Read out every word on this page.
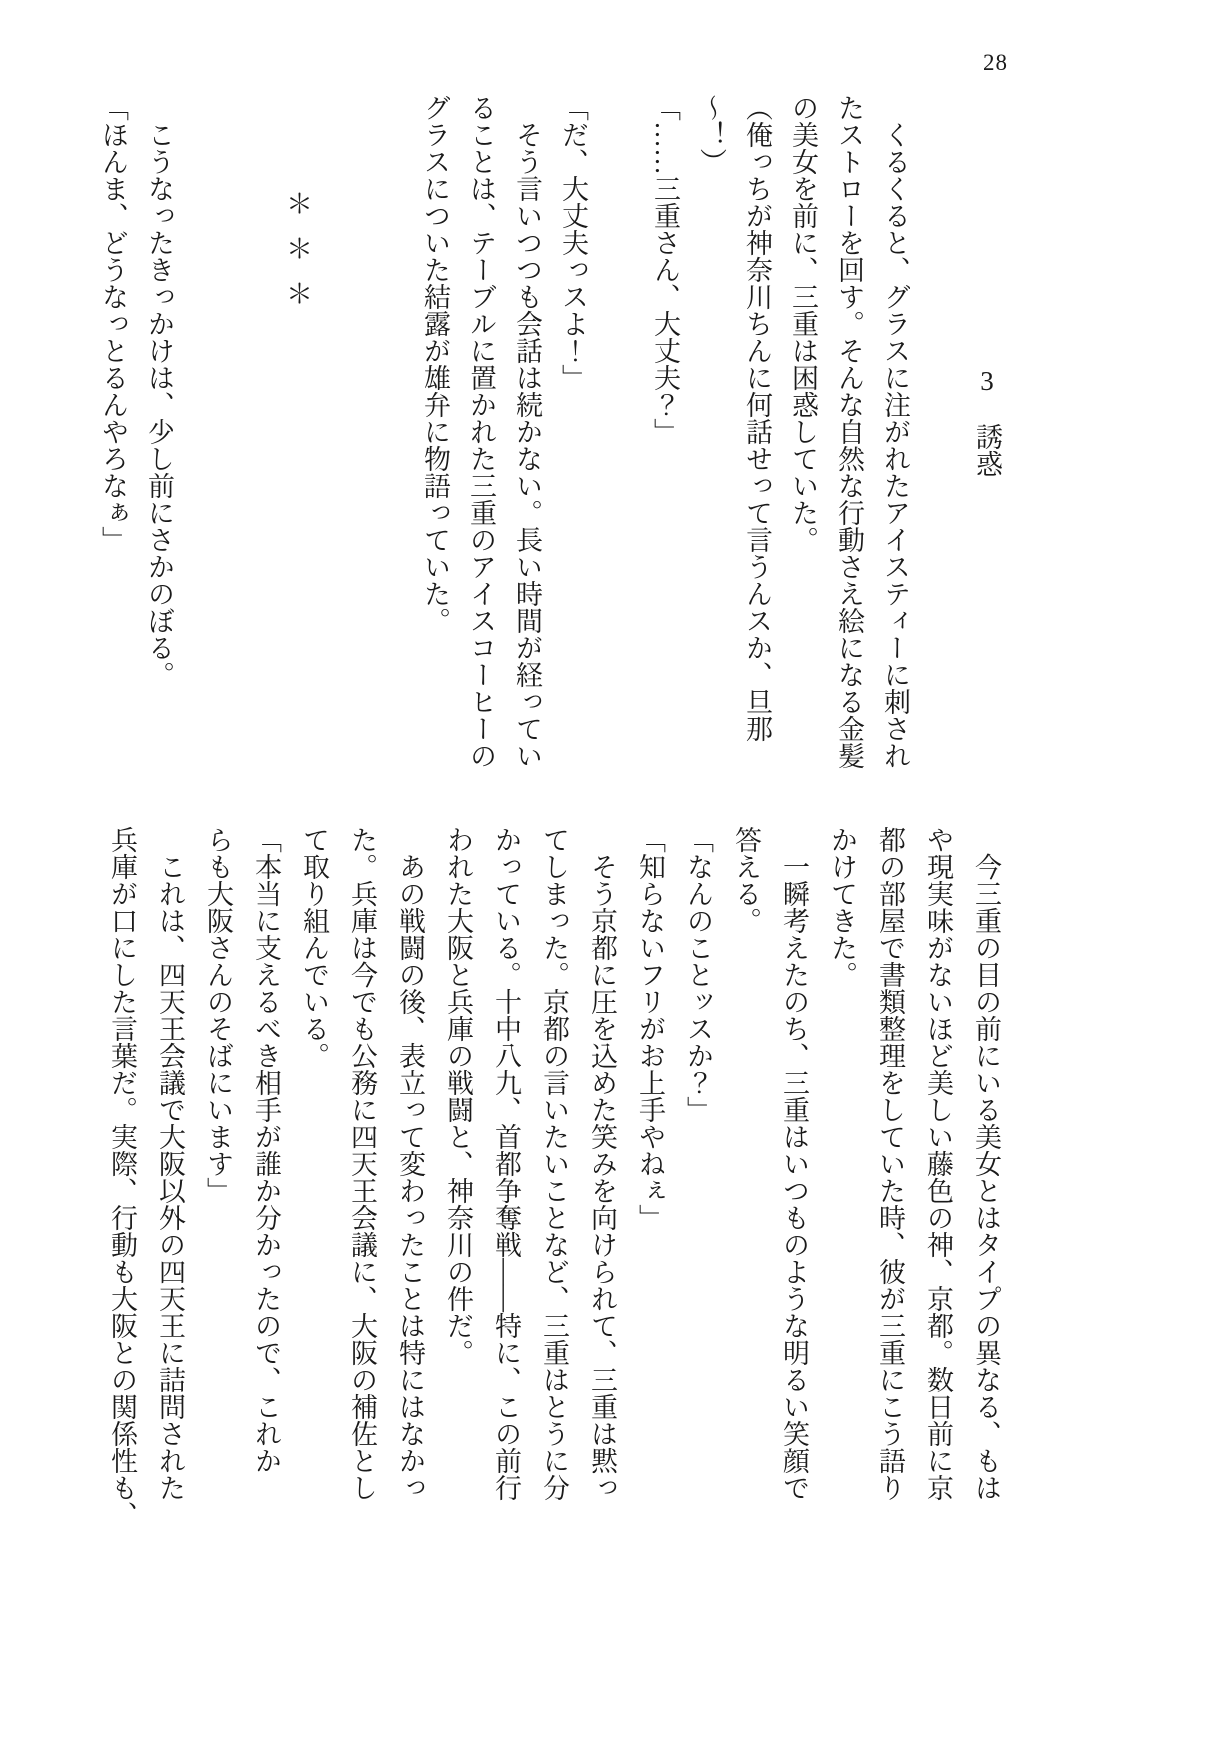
28
3誘惑

　くるくると、グラスに注がれたアイスティーに刺され

たストローを回す。そんな自然な行動さえ絵になる金髪

の美女を前に、三重は困惑していた。

（俺っちが神奈川ちんに何話せって言うんスか、旦那

〜！）

「……三重さん、大丈夫？」

「だ、大丈夫っスよ！」

　そう言いつつも会話は続かない。長い時間が経ってい

ることは、テーブルに置かれた三重のアイスコーヒーの

グラスについた結露が雄弁に物語っていた。

＊＊＊

　こうなったきっかけは、少し前にさかのぼる。

「ほんま、どうなっとるんやろなぁ」

　今三重の目の前にいる美女とはタイプの異なる、もは

や現実味がないほど美しい藤色の神、京都。数日前に京

都の部屋で書類整理をしていた時、彼が三重にこう語り

かけてきた。

　一瞬考えたのち、三重はいつものような明るい笑顔で

答える。

「なんのことッスか？」

「知らないフリがお上手やねぇ」

　そう京都に圧を込めた笑みを向けられて、三重は黙っ

てしまった。京都の言いたいことなど、三重はとうに分

かっている。十中八九、首都争奪戦――特に、この前行

われた大阪と兵庫の戦闘と、神奈川の件だ。

　あの戦闘の後、表立って変わったことは特にはなかっ

た。兵庫は今でも公務に四天王会議に、大阪の補佐とし

て取り組んでいる。

「本当に支えるべき相手が誰か分かったので、これか

らも大阪さんのそばにいます」

　これは、四天王会議で大阪以外の四天王に詰問された

兵庫が口にした言葉だ。実際、行動も大阪との関係性も、
